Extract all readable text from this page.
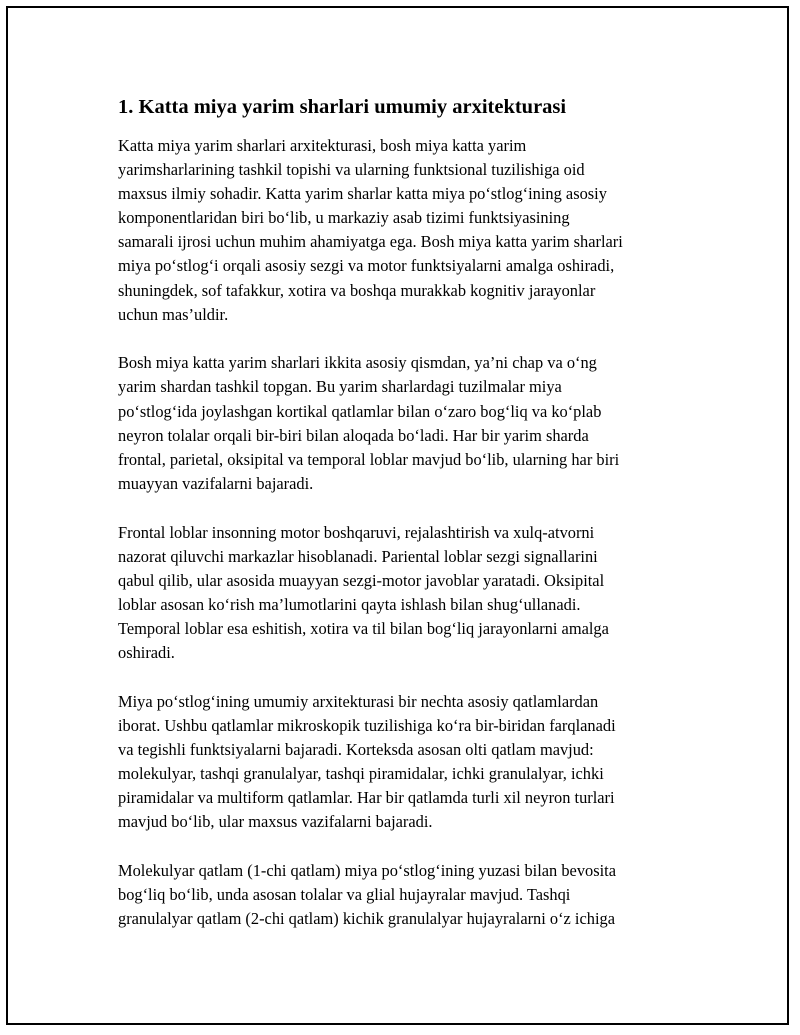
1. Katta miya yarim sharlari umumiy arxitekturasi

Katta miya yarim sharlari arxitekturasi, bosh miya katta yarim
yarimsharlarining tashkil topishi va ularning funktsional tuzilishiga oid
maxsus ilmiy sohadir. Katta yarim sharlar katta miya poʻstlogʻining asosiy
komponentlaridan biri boʻlib, u markaziy asab tizimi funktsiyasining
samarali ijrosi uchun muhim ahamiyatga ega. Bosh miya katta yarim sharlari
miya poʻstlogʻi orqali asosiy sezgi va motor funktsiyalarni amalga oshiradi,
shuningdek, sof tafakkur, xotira va boshqa murakkab kognitiv jarayonlar
uchun mas’uldir.

Bosh miya katta yarim sharlari ikkita asosiy qismdan, ya’ni chap va oʻng
yarim shardan tashkil topgan. Bu yarim sharlardagi tuzilmalar miya
poʻstlogʻida joylashgan kortikal qatlamlar bilan oʻzaro bogʻliq va koʻplab
neyron tolalar orqali bir-biri bilan aloqada boʻladi. Har bir yarim sharda
frontal, parietal, oksipital va temporal loblar mavjud boʻlib, ularning har biri
muayyan vazifalarni bajaradi.

Frontal loblar insonning motor boshqaruvi, rejalashtirish va xulq-atvorni
nazorat qiluvchi markazlar hisoblanadi. Pariental loblar sezgi signallarini
qabul qilib, ular asosida muayyan sezgi-motor javoblar yaratadi. Oksipital
loblar asosan koʻrish ma’lumotlarini qayta ishlash bilan shugʻullanadi.
Temporal loblar esa eshitish, xotira va til bilan bogʻliq jarayonlarni amalga
oshiradi.

Miya poʻstlogʻining umumiy arxitekturasi bir nechta asosiy qatlamlardan
iborat. Ushbu qatlamlar mikroskopik tuzilishiga koʻra bir-biridan farqlanadi
va tegishli funktsiyalarni bajaradi. Korteksda asosan olti qatlam mavjud:
molekulyar, tashqi granulalyar, tashqi piramidalar, ichki granulalyar, ichki
piramidalar va multiform qatlamlar. Har bir qatlamda turli xil neyron turlari
mavjud boʻlib, ular maxsus vazifalarni bajaradi.

Molekulyar qatlam (1-chi qatlam) miya poʻstlogʻining yuzasi bilan bevosita
bogʻliq boʻlib, unda asosan tolalar va glial hujayralar mavjud. Tashqi
granulalyar qatlam (2-chi qatlam) kichik granulalyar hujayralarni oʻz ichiga
